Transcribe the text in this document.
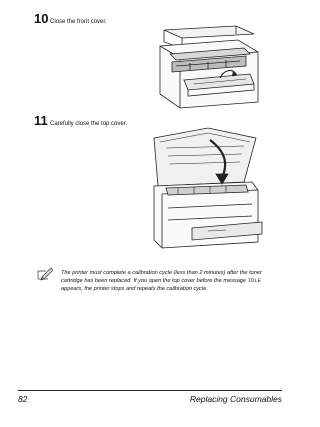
10 Close the front cover.
11 Carefully close the top cover.
The printer must complete a calibration cycle (less than 2 minutes) after the toner cartridge has been replaced. If you open the top cover before the message IDLE appears, the printer stops and repeats the calibration cycle.
82	Replacing Consumables
